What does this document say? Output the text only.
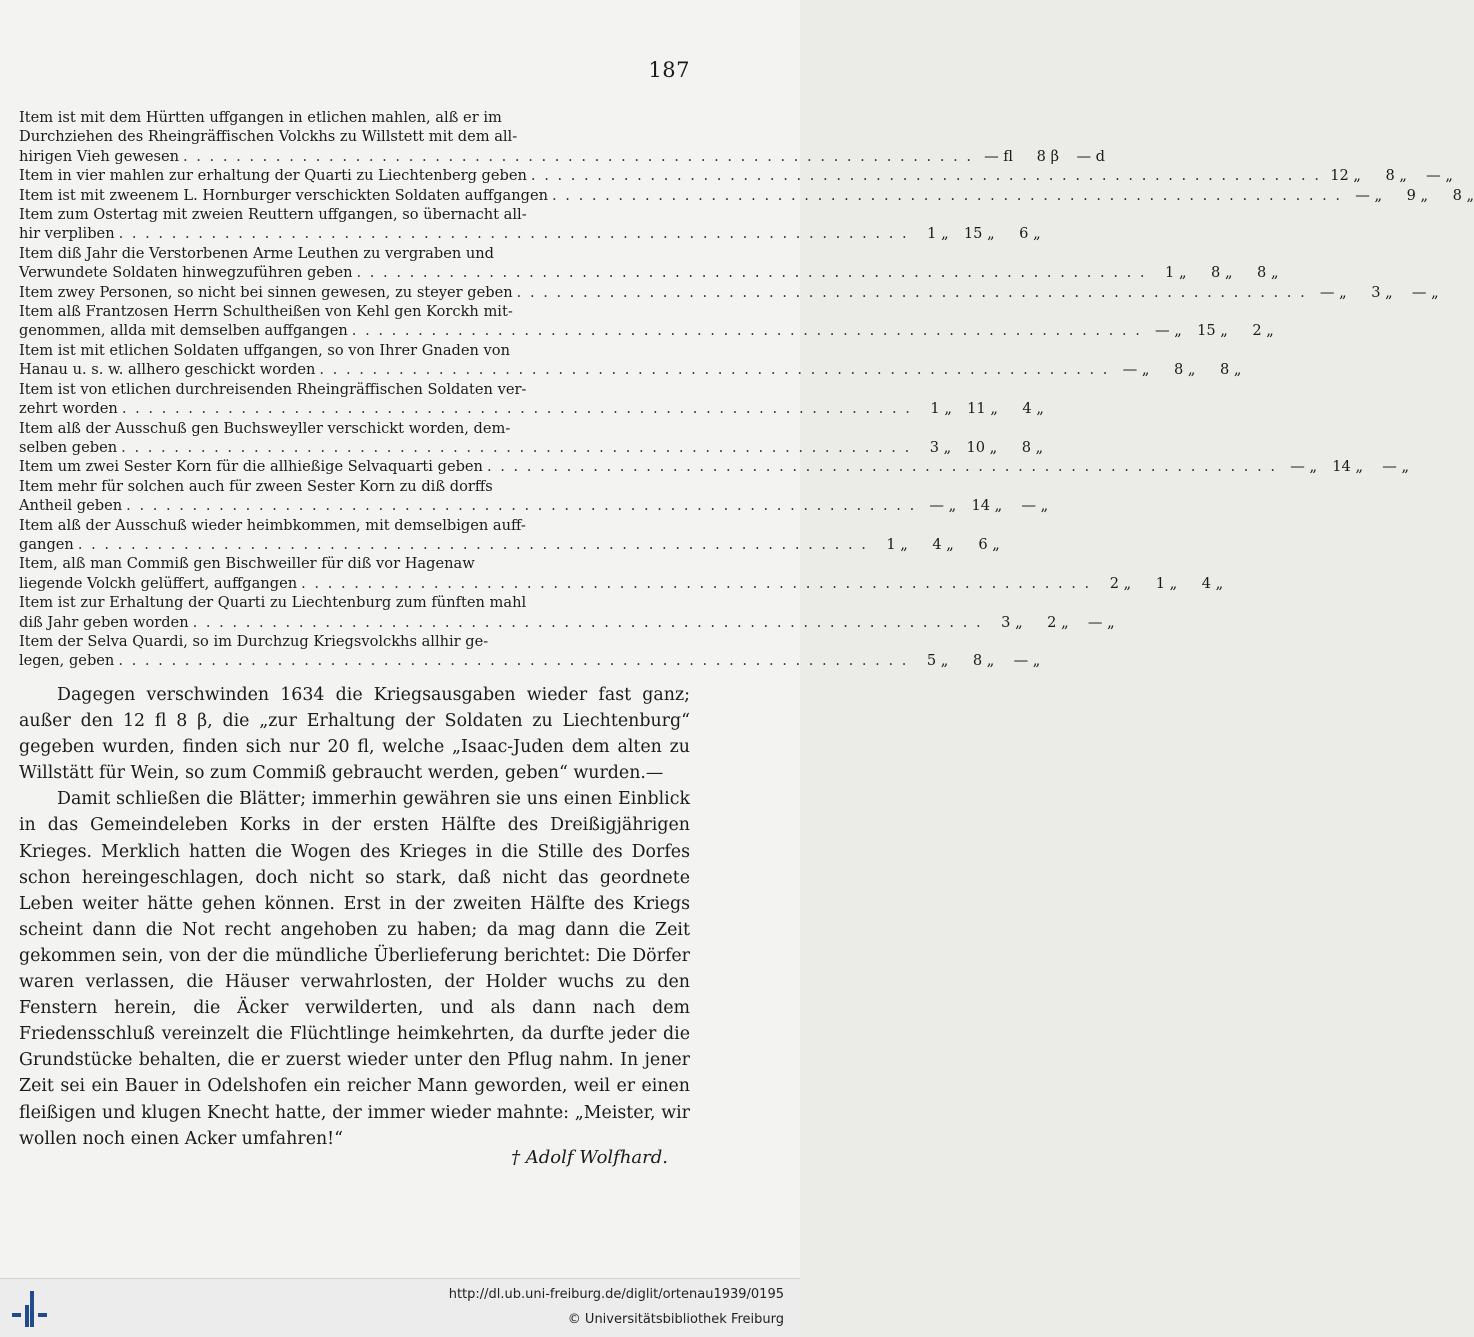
187
Item ist mit dem Hürtten uffgangen in etlichen mahlen, alß er im
Durchziehen des Rheingräffischen Volckhs zu Willstett mit dem all-
hirigen Vieh gewesen . . .	— fl	8 β	— d
Item in vier mahlen zur erhaltung der Quarti zu Liechtenberg geben . . .	12 „	8 „	— „
Item ist mit zweenem L. Hornburger verschickten Soldaten auffgangen . . .	— „	9 „	8 „
Item zum Ostertag mit zweien Reuttern uffgangen, so übernacht all-
hir verpliben . . .	1 „	15 „	6 „
Item diß Jahr die Verstorbenen Arme Leuthen zu vergraben und
Verwundete Soldaten hinwegzuführen geben . . .	1 „	8 „	8 „
Item zwey Personen, so nicht bei sinnen gewesen, zu steyer geben . . .	— „	3 „	— „
Item alß Frantzosen Herrn Schultheißen von Kehl gen Korckh mit-
genommen, allda mit demselben auffgangen . . .	— „	15 „	2 „
Item ist mit etlichen Soldaten uffgangen, so von Ihrer Gnaden von
Hanau u. s. w. allhero geschickt worden . . .	— „	8 „	8 „
Item ist von etlichen durchreisenden Rheingräffischen Soldaten ver-
zehrt worden . . .	1 „	11 „	4 „
Item alß der Ausschuß gen Buchsweyller verschickt worden, dem-
selben geben . . .	3 „	10 „	8 „
Item um zwei Sester Korn für die allhießige Selvaquarti geben . . .	— „	14 „	— „
Item mehr für solchen auch für zween Sester Korn zu diß dorffs
Antheil geben . . .	— „	14 „	— „
Item alß der Ausschuß wieder heimbkommen, mit demselbigen auff-
gangen . . .	1 „	4 „	6 „
Item, alß man Commiß gen Bischweiller für diß vor Hagenaw
liegende Volckh gelüffert, auffgangen . . .	2 „	1 „	4 „
Item ist zur Erhaltung der Quarti zu Liechtenburg zum fünften mahl
diß Jahr geben worden . . .	3 „	2 „	— „
Item der Selva Quardi, so im Durchzug Kriegsvolckhs allhir ge-
legen, geben . . .	5 „	8 „	— „

Dagegen verschwinden 1634 die Kriegsausgaben wieder fast ganz; außer den 12 fl 8 β, die „zur Erhaltung der Soldaten zu Liechtenburg“ gegeben wurden, finden sich nur 20 fl, welche „Isaac-Juden dem alten zu Willstätt für Wein, so zum Commiß gebraucht werden, geben“ wurden.—

Damit schließen die Blätter; immerhin gewähren sie uns einen Einblick in das Gemeindeleben Korks in der ersten Hälfte des Dreißigjährigen Krieges. Merklich hatten die Wogen des Krieges in die Stille des Dorfes schon hereingeschlagen, doch nicht so stark, daß nicht das geordnete Leben weiter hätte gehen können. Erst in der zweiten Hälfte des Kriegs scheint dann die Not recht angehoben zu haben; da mag dann die Zeit gekommen sein, von der die mündliche Überlieferung berichtet: Die Dörfer waren verlassen, die Häuser verwahrlosten, der Holder wuchs zu den Fenstern herein, die Äcker verwilderten, und als dann nach dem Friedensschluß vereinzelt die Flüchtlinge heimkehrten, da durfte jeder die Grundstücke behalten, die er zuerst wieder unter den Pflug nahm. In jener Zeit sei ein Bauer in Odelshofen ein reicher Mann geworden, weil er einen fleißigen und klugen Knecht hatte, der immer wieder mahnte: „Meister, wir wollen noch einen Acker umfahren!“

† Adolf Wolfhard.
http://dl.ub.uni-freiburg.de/diglit/ortenau1939/0195
© Universitätsbibliothek Freiburg
